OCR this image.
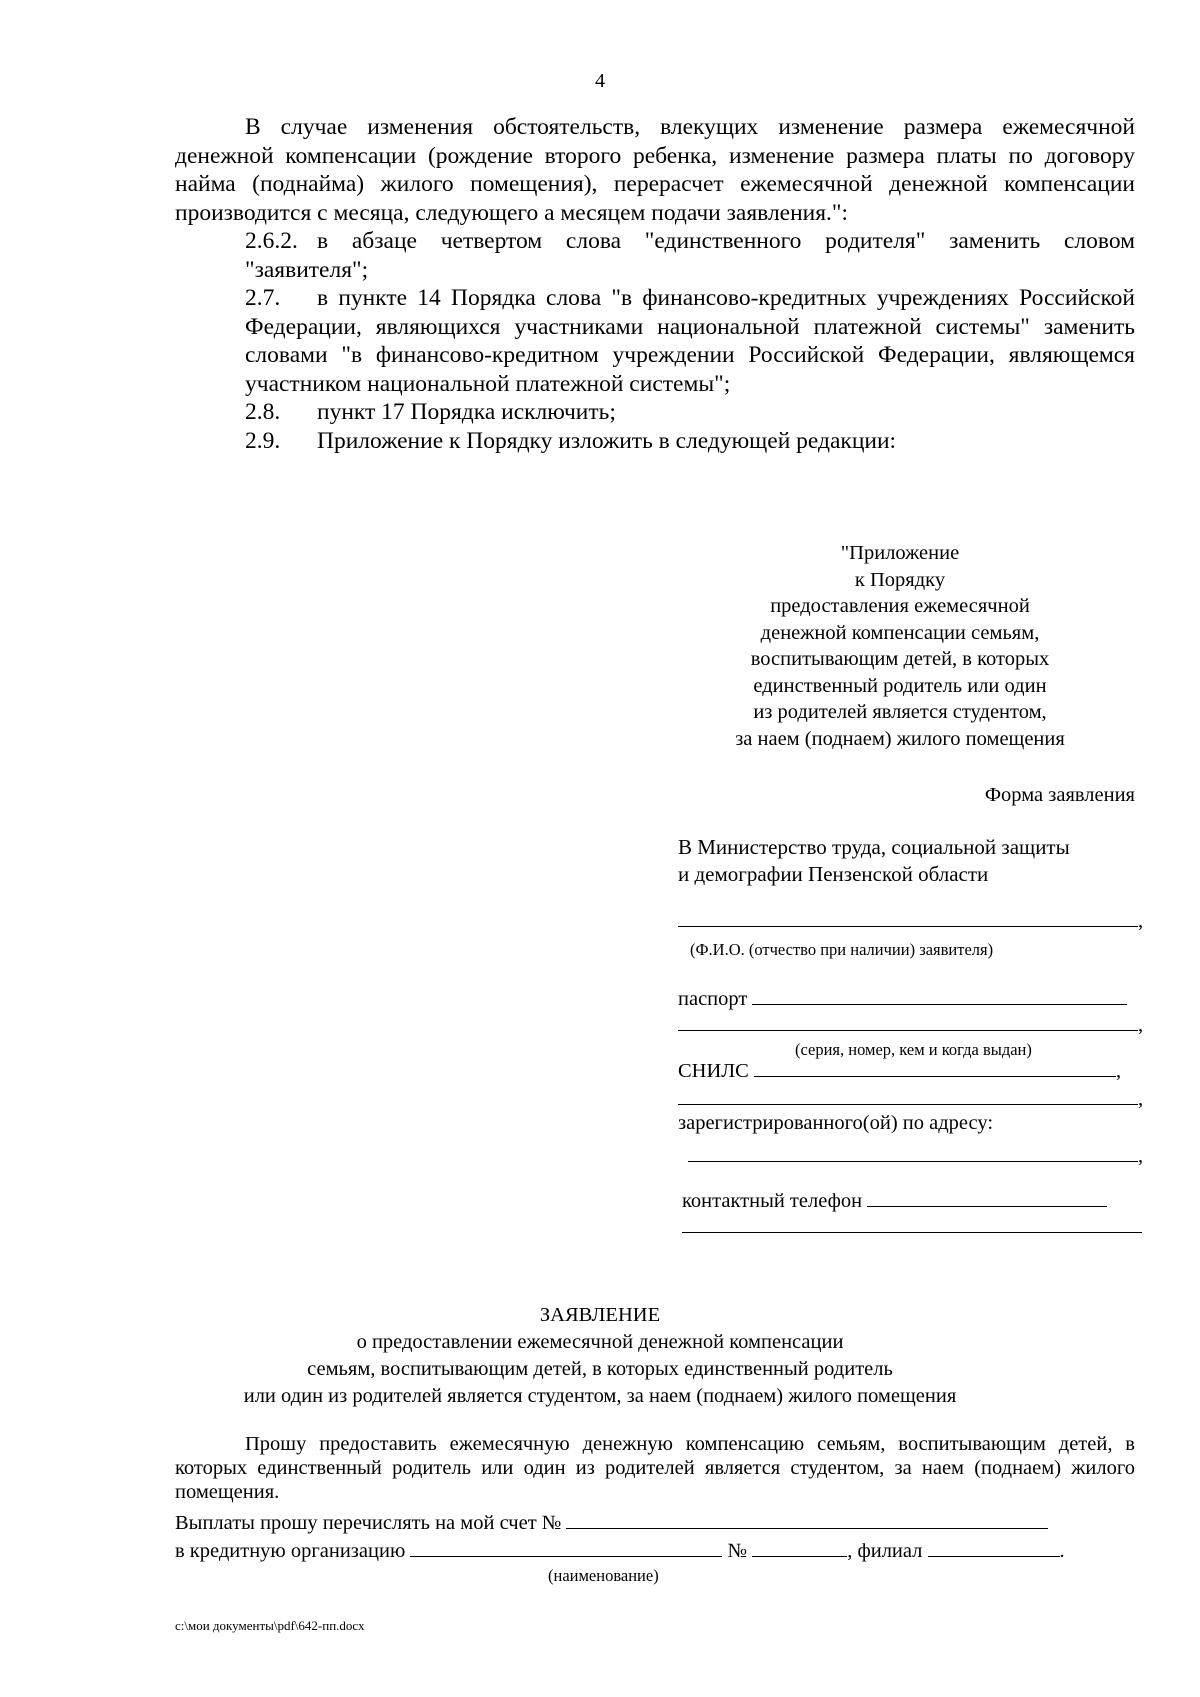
4

В случае изменения обстоятельств, влекущих изменение размера ежемесячной денежной компенсации (рождение второго ребенка, изменение размера платы по договору найма (поднайма) жилого помещения), перерасчет ежемесячной денежной компенсации производится с месяца, следующего а месяцем подачи заявления.":

2.6.2. в абзаце четвертом слова "единственного родителя" заменить словом "заявителя";

2.7. в пункте 14 Порядка слова "в финансово-кредитных учреждениях Российской Федерации, являющихся участниками национальной платежной системы" заменить словами "в финансово-кредитном учреждении Российской Федерации, являющемся участником национальной платежной системы";

2.8. пункт 17 Порядка исключить;

2.9. Приложение к Порядку изложить в следующей редакции:

"Приложение
к Порядку
предоставления ежемесячной
денежной компенсации семьям,
воспитывающим детей, в которых
единственный родитель или один
из родителей является студентом,
за наем (поднаем) жилого помещения
Форма заявления
В Министерство труда, социальной защиты
и демографии Пензенской области
,
(Ф.И.О. (отчество при наличии) заявителя)
паспорт
,
(серия, номер, кем и когда выдан)
СНИЛС	,
,
зарегистрированного(ой) по адресу:
,
контактный телефон
ЗАЯВЛЕНИЕ
о предоставлении ежемесячной денежной компенсации
семьям, воспитывающим детей, в которых единственный родитель
или один из родителей является студентом, за наем (поднаем) жилого помещения

Прошу предоставить ежемесячную денежную компенсацию семьям, воспитывающим детей, в которых единственный родитель или один из родителей является студентом, за наем (поднаем) жилого помещения.

Выплаты прошу перечислять на мой счет №
в кредитную организацию	№	, филиал	.
(наименование)
c:\мои документы\pdf\642-пп.docx
